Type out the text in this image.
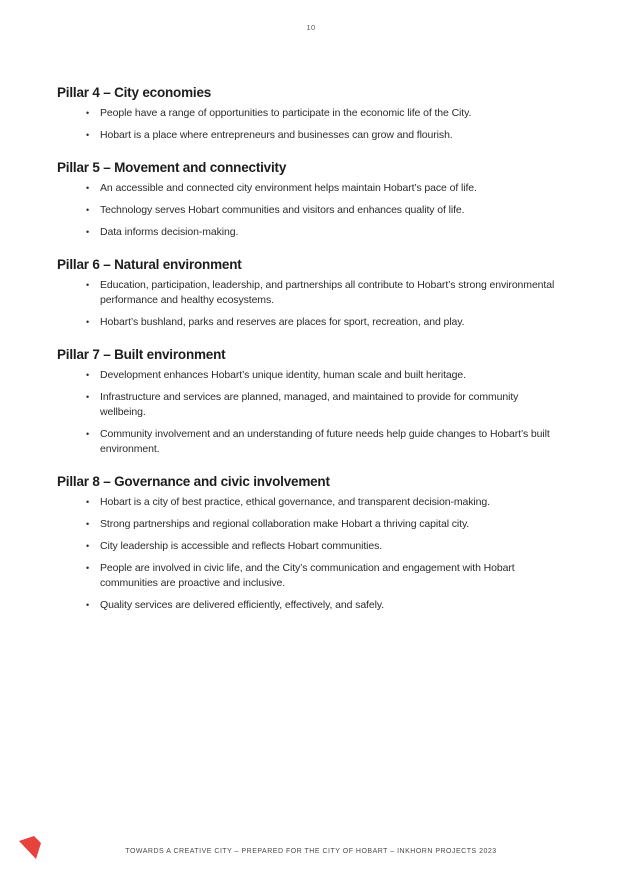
10
Pillar 4 – City economies
• People have a range of opportunities to participate in the economic life of the City.
• Hobart is a place where entrepreneurs and businesses can grow and flourish.
Pillar 5 – Movement and connectivity
• An accessible and connected city environment helps maintain Hobart’s pace of life.
• Technology serves Hobart communities and visitors and enhances quality of life.
• Data informs decision-making.
Pillar 6 – Natural environment
• Education, participation, leadership, and partnerships all contribute to Hobart’s strong environmental performance and healthy ecosystems.
• Hobart’s bushland, parks and reserves are places for sport, recreation, and play.
Pillar 7 – Built environment
• Development enhances Hobart’s unique identity, human scale and built heritage.
• Infrastructure and services are planned, managed, and maintained to provide for community wellbeing.
• Community involvement and an understanding of future needs help guide changes to Hobart’s built environment.
Pillar 8 – Governance and civic involvement
• Hobart is a city of best practice, ethical governance, and transparent decision-making.
• Strong partnerships and regional collaboration make Hobart a thriving capital city.
• City leadership is accessible and reflects Hobart communities.
• People are involved in civic life, and the City’s communication and engagement with Hobart communities are proactive and inclusive.
• Quality services are delivered efficiently, effectively, and safely.
TOWARDS A CREATIVE CITY – PREPARED FOR THE CITY OF HOBART – INKHORN PROJECTS 2023
